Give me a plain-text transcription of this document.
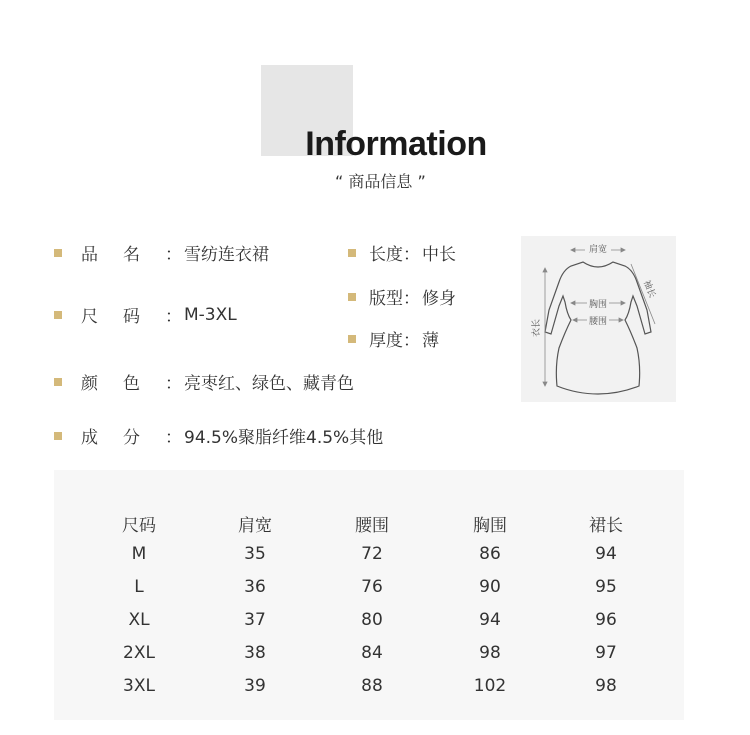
Information
“ 商品信息 ”
品名 ： 雪纺连衣裙
尺码 ： M-3XL
颜色 ： 亮枣红、绿色、藏青色
成分 ： 94.5%聚脂纤维4.5%其他
长度 ： 中长
版型 ： 修身
厚度 ： 薄
肩宽
胸围
腰围
袖长
衣长
尺码	肩宽	腰围	胸围	裙长
M	35	72	86	94
L	36	76	90	95
XL	37	80	94	96
2XL	38	84	98	97
3XL	39	88	102	98
